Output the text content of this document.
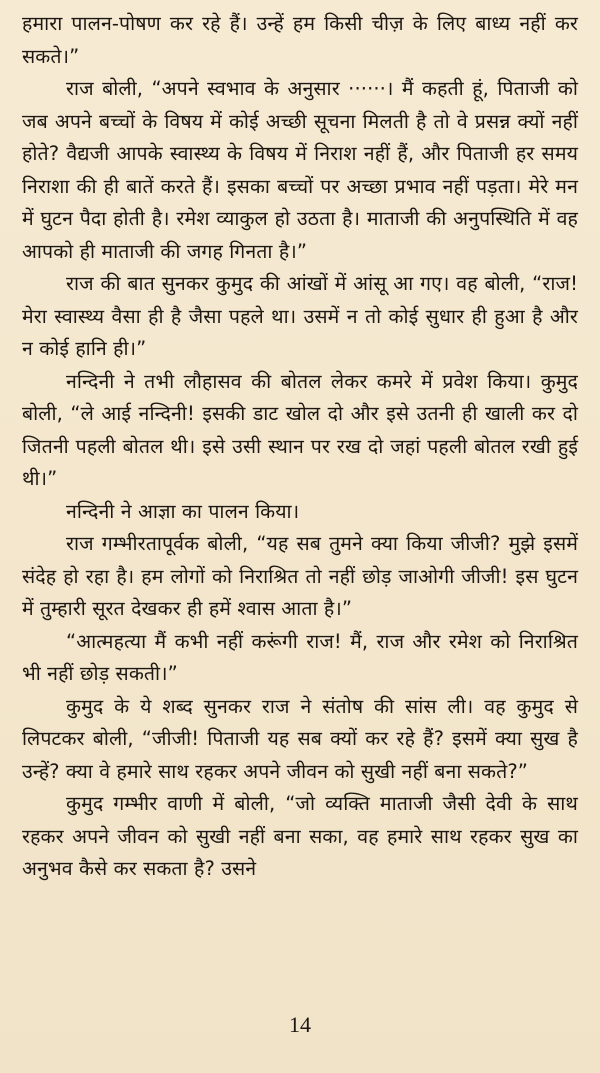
हमारा पालन-पोषण कर रहे हैं। उन्हें हम किसी चीज़ के लिए बाध्य नहीं कर सकते।”

राज बोली, “अपने स्वभाव के अनुसार ······। मैं कहती हूं, पिताजी को जब अपने बच्चों के विषय में कोई अच्छी सूचना मिलती है तो वे प्रसन्न क्यों नहीं होते? वैद्यजी आपके स्वास्थ्य के विषय में निराश नहीं हैं, और पिताजी हर समय निराशा की ही बातें करते हैं। इसका बच्चों पर अच्छा प्रभाव नहीं पड़ता। मेरे मन में घुटन पैदा होती है। रमेश व्याकुल हो उठता है। माताजी की अनुपस्थिति में वह आपको ही माताजी की जगह गिनता है।”

राज की बात सुनकर कुमुद की आंखों में आंसू आ गए। वह बोली, “राज! मेरा स्वास्थ्य वैसा ही है जैसा पहले था। उसमें न तो कोई सुधार ही हुआ है और न कोई हानि ही।”

नन्दिनी ने तभी लौहासव की बोतल लेकर कमरे में प्रवेश किया। कुमुद बोली, “ले आई नन्दिनी! इसकी डाट खोल दो और इसे उतनी ही खाली कर दो जितनी पहली बोतल थी। इसे उसी स्थान पर रख दो जहां पहली बोतल रखी हुई थी।”

नन्दिनी ने आज्ञा का पालन किया।

राज गम्भीरतापूर्वक बोली, “यह सब तुमने क्या किया जीजी? मुझे इसमें संदेह हो रहा है। हम लोगों को निराश्रित तो नहीं छोड़ जाओगी जीजी! इस घुटन में तुम्हारी सूरत देखकर ही हमें श्वास आता है।”

“आत्महत्या मैं कभी नहीं करूंगी राज! मैं, राज और रमेश को निराश्रित भी नहीं छोड़ सकती।”

कुमुद के ये शब्द सुनकर राज ने संतोष की सांस ली। वह कुमुद से लिपटकर बोली, “जीजी! पिताजी यह सब क्यों कर रहे हैं? इसमें क्या सुख है उन्हें? क्या वे हमारे साथ रहकर अपने जीवन को सुखी नहीं बना सकते?”

कुमुद गम्भीर वाणी में बोली, “जो व्यक्ति माताजी जैसी देवी के साथ रहकर अपने जीवन को सुखी नहीं बना सका, वह हमारे साथ रहकर सुख का अनुभव कैसे कर सकता है? उसने

14
